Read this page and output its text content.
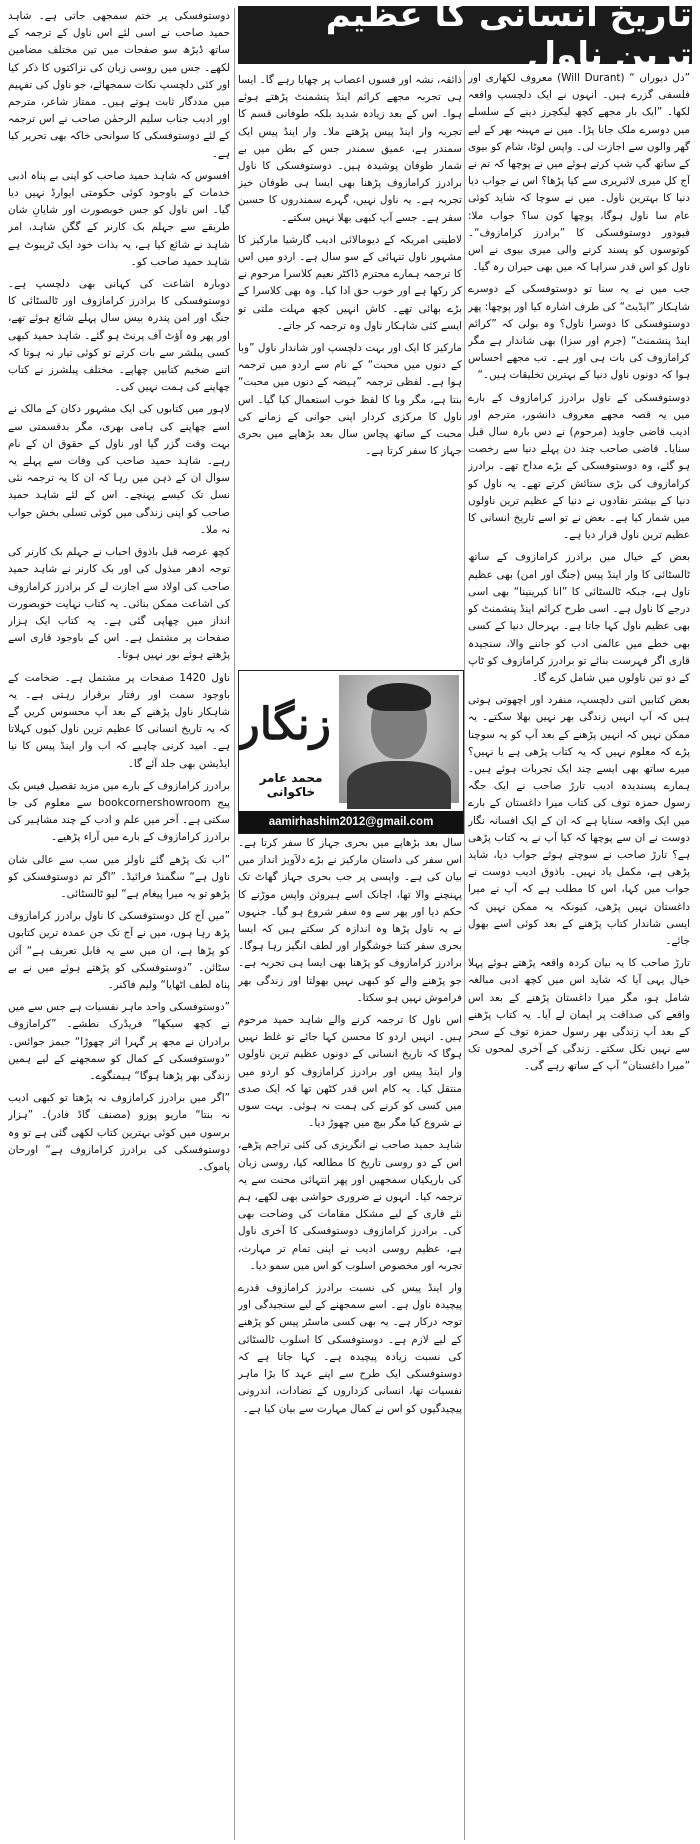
تاریخ انسانی کا عظیم ترین ناول

”دل دیوراں “ (Will Durant) معروف لکھاری اور فلسفی گزرے ہیں۔ انہوں نے ایک دلچسپ واقعہ لکھا۔ ”ایک بار مجھے کچھ لیکچرز دینے کے سلسلے میں دوسرے ملک جانا پڑا۔ میں نے مہینہ بھر کے لیے گھر والوں سے اجازت لی۔ واپس لوٹا، شام کو بیوی کے ساتھ گپ شپ کرتے ہوئے میں نے پوچھا کہ تم نے آج کل میری لائبریری سے کیا پڑھا؟ اس نے جواب دیا دنیا کا بہترین ناول۔ میں نے سوچا کہ شاید کوئی عام سا ناول ہوگا، پوچھا کون سا؟ جواب ملا: فیودور دوستوفسکی کا ”برادرز کرامازوف“۔ کوتوسوں کو پسند کرنے والی میری بیوی نے اس ناول کو اس قدر سراہا کہ میں بھی حیران رہ گیا۔

جب میں نے یہ سنا تو دوستوفسکی کے دوسرے شاہکار ”ایڈیٹ“ کی طرف اشارہ کیا اور پوچھا: پھر دوستوفسکی کا دوسرا ناول؟ وہ بولی کہ ”کرائم اینڈ پنشمنٹ“ (جرم اور سزا) بھی شاندار ہے مگر کرامازوف کی بات ہی اور ہے۔ تب مجھے احساس ہوا کہ دونوں ناول دنیا کے بہترین تخلیقات ہیں۔“

دوستوفسکی کے ناول برادرز کرامازوف کے بارے میں یہ قصہ مجھے معروف دانشور، مترجم اور ادیب قاضی جاوید (مرحوم) نے دس بارہ سال قبل سنایا۔ قاضی صاحب چند دن پہلے دنیا سے رخصت ہو گئے، وہ دوستوفسکی کے بڑے مداح تھے۔ برادرز کرامازوف کی بڑی ستائش کرتے تھے۔ یہ ناول کو دنیا کے بیشتر نقادوں نے دنیا کے عظیم ترین ناولوں میں شمار کیا ہے۔ بعض نے تو اسے تاریخ انسانی کا عظیم ترین ناول قرار دیا ہے۔

بعض کے خیال میں برادرز کرامازوف کے ساتھ ٹالسٹائی کا وار اینڈ پیس (جنگ اور امن) بھی عظیم ناول ہے، جبکہ ٹالسٹائی کا ”انا کیرینینا“ بھی اسی درجے کا ناول ہے۔ اسی طرح کرائم اینڈ پنشمنٹ کو بھی عظیم ناول کہا جاتا ہے۔ بہرحال دنیا کے کسی بھی خطے میں عالمی ادب کو جاننے والا، سنجیدہ قاری اگر فہرست بنائے تو برادرز کرامازوف کو ٹاپ کے دو تین ناولوں میں شامل کرے گا۔

بعض کتابیں اتنی دلچسپ، منفرد اور اچھوتی ہوتی ہیں کہ آپ انہیں زندگی بھر نہیں بھلا سکتے۔ یہ ممکن نہیں کہ انہیں پڑھنے کے بعد آپ کو یہ سوچنا پڑے کہ معلوم نہیں کہ یہ کتاب پڑھی ہے یا نہیں؟ میرے ساتھ بھی ایسے چند ایک تجربات ہوئے ہیں۔ ہمارے پسندیدہ ادیب تارڑ صاحب نے ایک جگہ رسول حمزہ توف کی کتاب میرا داغستان کے بارے میں ایک واقعہ سنایا ہے کہ ان کے ایک افسانہ نگار دوست نے ان سے پوچھا کہ کیا آپ نے یہ کتاب پڑھی ہے؟ تارڑ صاحب نے سوچتے ہوئے جواب دیا، شاید پڑھی ہے، مکمل یاد نہیں۔ باذوق ادیب دوست نے جواب میں کہا، اس کا مطلب ہے کہ آپ نے میرا داغستان نہیں پڑھی، کیونکہ یہ ممکن نہیں کہ ایسی شاندار کتاب پڑھنے کے بعد کوئی اسے بھول جائے۔

تارڑ صاحب کا یہ بیان کردہ واقعہ پڑھتے ہوئے پہلا خیال یہی آیا کہ شاید اس میں کچھ ادبی مبالغہ شامل ہو، مگر میرا داغستان پڑھنے کے بعد اس واقعے کی صداقت پر ایمان لے آیا۔ یہ کتاب پڑھنے کے بعد آپ زندگی بھر رسول حمزہ توف کے سحر سے نہیں نکل سکتے۔ زندگی کے آخری لمحوں تک ”میرا داغستان“ آپ کے ساتھ رہے گی۔

ذائقہ، نشہ اور فسوں اعصاب پر چھایا رہے گا۔ ایسا ہی تجربہ مجھے کرائم اینڈ پنشمنٹ پڑھتے ہوئے ہوا۔ اس کے بعد زیادہ شدید بلکہ طوفانی قسم کا تجربہ وار اینڈ پیس پڑھتے ملا۔ وار اینڈ پیس ایک سمندر ہے، عمیق سمندر جس کے بطن میں بے شمار طوفان پوشیدہ ہیں۔ دوستوفسکی کا ناول برادرز کرامازوف پڑھنا بھی ایسا ہی طوفان خیز تجربہ ہے۔ یہ ناول نہیں، گہرے سمندروں کا حسین سفر ہے۔ جسے آپ کبھی بھلا نہیں سکتے۔

لاطینی امریکہ کے دیومالائی ادیب گارشیا مارکیز کا مشہور ناول تنہائی کے سو سال ہے۔ اردو میں اس کا ترجمہ ہمارے محترم ڈاکٹر نعیم کلاسرا مرحوم نے کر رکھا ہے اور خوب حق ادا کیا۔ وہ بھی کلاسرا کے بڑے بھائی تھے۔ کاش انہیں کچھ مہلت ملتی تو ایسے کئی شاہکار ناول وہ ترجمہ کر جاتے۔

مارکیز کا ایک اور بہت دلچسپ اور شاندار ناول ”وبا کے دنوں میں محبت“ کے نام سے اردو میں ترجمہ ہوا ہے۔ لفظی ترجمہ ”ہیضہ کے دنوں میں محبت“ بنتا ہے، مگر وبا کا لفظ خوب استعمال کیا گیا۔ اس ناول کا مرکزی کردار اپنی جوانی کے زمانے کی محبت کے ساتھ پچاس سال بعد بڑھاپے میں بحری جہاز کا سفر کرتا ہے۔

زنگار
محمد عامر خاکوانی
aamirhashim2012@gmail.com

سال بعد بڑھاپے میں بحری جہاز کا سفر کرتا ہے۔ اس سفر کی داستان مارکیز نے بڑے دلآویز انداز میں بیان کی ہے۔ واپسی پر جب بحری جہاز گھاٹ تک پہنچنے والا تھا، اچانک اسے ہیروئن واپس موڑنے کا حکم دیا اور پھر سے وہ سفر شروع ہو گیا۔ جنہوں نے یہ ناول پڑھا وہ اندازہ کر سکتے ہیں کہ ایسا بحری سفر کتنا خوشگوار اور لطف انگیز رہا ہوگا۔ برادرز کرامازوف کو پڑھنا بھی ایسا ہی تجربہ ہے۔ جو پڑھنے والے کو کبھی نہیں بھولتا اور زندگی بھر فراموش نہیں ہو سکتا۔

اس ناول کا ترجمہ کرنے والے شاہد حمید مرحوم ہیں۔ انہیں اردو کا محسن کہا جائے تو غلط نہیں ہوگا کہ تاریخ انسانی کے دونوں عظیم ترین ناولوں وار اینڈ پیس اور برادرز کرامازوف کو اردو میں منتقل کیا۔ یہ کام اس قدر کٹھن تھا کہ ایک صدی میں کسی کو کرنے کی ہمت نہ ہوئی۔ بہت سوں نے شروع کیا مگر بیچ میں چھوڑ دیا۔

شاہد حمید صاحب نے انگریزی کی کئی تراجم پڑھے، اس کے دو روسی تاریخ کا مطالعہ کیا، روسی زبان کی باریکیاں سمجھیں اور پھر انتہائی محنت سے یہ ترجمہ کیا۔ انہوں نے ضروری حواشی بھی لکھے، ہم نئے قاری کے لیے مشکل مقامات کی وضاحت بھی کی۔ برادرز کرامازوف دوستوفسکی کا آخری ناول ہے، عظیم روسی ادیب نے اپنی تمام تر مہارت، تجربہ اور مخصوص اسلوب کو اس میں سمو دیا۔

وار اینڈ پیس کی نسبت برادرز کرامازوف قدرے پیچیدہ ناول ہے۔ اسے سمجھنے کے لیے سنجیدگی اور توجہ درکار ہے۔ یہ بھی کسی ماسٹر پیس کو پڑھنے کے لیے لازم ہے۔ دوستوفسکی کا اسلوب ٹالسٹائی کی نسبت زیادہ پیچیدہ ہے۔ کہا جاتا ہے کہ دوستوفسکی ایک طرح سے اپنے عہد کا بڑا ماہر نفسیات تھا، انسانی کرداروں کے تضادات، اندرونی پیچیدگیوں کو اس نے کمال مہارت سے بیان کیا ہے۔

دوستوفسکی پر ختم سمجھی جاتی ہے۔ شاہد حمید صاحب نے اسی لئے اس ناول کے ترجمہ کے ساتھ ڈیڑھ سو صفحات میں تین مختلف مضامین لکھے۔ جس میں روسی زبان کی نزاکتوں کا ذکر کیا اور کئی دلچسپ نکات سمجھائے، جو ناول کی تفہیم میں مددگار ثابت ہوتے ہیں۔ ممتاز شاعر، مترجم اور ادیب جناب سلیم الرحمٰن صاحب نے اس ترجمہ کے لئے دوستوفسکی کا سوانحی خاکہ بھی تحریر کیا ہے۔

افسوس کہ شاہد حمید صاحب کو اپنی بے پناہ ادبی خدمات کے باوجود کوئی حکومتی ایوارڈ نہیں دیا گیا۔ اس ناول کو جس خوبصورت اور شایانِ شان طریقے سے جہلم بک کارنر کے گگن شاہد، امر شاہد نے شائع کیا ہے، یہ بذات خود ایک ٹریبوٹ ہے شاہد حمید صاحب کو۔

دوبارہ اشاعت کی کہانی بھی دلچسپ ہے۔ دوستوفسکی کا برادرز کرامازوف اور ٹالسٹائی کا جنگ اور امن پندرہ بیس سال پہلے شائع ہوئے تھے، اور پھر وہ آؤٹ آف پرنٹ ہو گئے۔ شاہد حمید کبھی کسی پبلشر سے بات کرتے تو کوئی تیار نہ ہوتا کہ اتنے ضخیم کتابیں چھاپے۔ مختلف پبلشرز نے کتاب چھاپنے کی ہمت نہیں کی۔

لاہور میں کتابوں کی ایک مشہور دکان کے مالک نے اسے چھاپنے کی ہامی بھری، مگر بدقسمتی سے بہت وقت گزر گیا اور ناول کے حقوق ان کے نام رہے۔ شاہد حمید صاحب کی وفات سے پہلے یہ سوال ان کے ذہن میں رہا کہ ان کا یہ ترجمہ نئی نسل تک کیسے پہنچے۔ اس کے لئے شاہد حمید صاحب کو اپنی زندگی میں کوئی تسلی بخش جواب نہ ملا۔

کچھ عرصہ قبل باذوق احباب نے جہلم بک کارنر کی توجہ ادھر مبذول کی اور بک کارنر نے شاہد حمید صاحب کی اولاد سے اجازت لے کر برادرز کرامازوف کی اشاعت ممکن بنائی۔ یہ کتاب نہایت خوبصورت انداز میں چھاپی گئی ہے۔ یہ کتاب ایک ہزار صفحات پر مشتمل ہے۔ اس کے باوجود قاری اسے پڑھتے ہوئے بور نہیں ہوتا۔

ناول 1420 صفحات پر مشتمل ہے۔ ضخامت کے باوجود سمت اور رفتار برقرار رہتی ہے۔ یہ شاہکار ناول پڑھنے کے بعد آپ محسوس کریں گے کہ یہ تاریخ انسانی کا عظیم ترین ناول کیوں کہلاتا ہے۔ امید کرنی چاہیے کہ اب وار اینڈ پیس کا نیا ایڈیشن بھی جلد آئے گا۔

برادرز کرامازوف کے بارے میں مزید تفصیل فیس بک پیج bookcornershowroom سے معلوم کی جا سکتی ہے۔ آخر میں علم و ادب کے چند مشاہیر کی برادرز کرامازوف کے بارے میں آراء پڑھیے۔

”اب تک پڑھے گئے ناولز میں سب سے عالی شان ناول ہے“ سگمنڈ فرائیڈ۔ ”اگر تم دوستوفسکی کو پڑھو تو یہ میرا پیغام ہے“ لیو ٹالسٹائی۔

”میں آج کل دوستوفسکی کا ناول برادرز کرامازوف پڑھ رہا ہوں، میں نے آج تک جن عمدہ ترین کتابوں کو پڑھا ہے، ان میں سے یہ قابل تعریف ہے“ آئن سٹائن۔ ”دوستوفسکی کو پڑھتے ہوئے میں نے بے پناہ لطف اٹھایا“ ولیم فاکنر۔

”دوستوفسکی واحد ماہر نفسیات ہے جس سے میں نے کچھ سیکھا“ فریڈرک نطشے۔ ”کرامازوف برادران نے مجھ پر گہرا اثر چھوڑا“ جیمز جوائس۔ ”دوستوفسکی کے کمال کو سمجھنے کے لیے ہمیں زندگی بھر پڑھنا ہوگا“ ہیمنگوے۔

”اگر میں برادرز کرامازوف نہ پڑھتا تو کبھی ادیب نہ بنتا“ ماریو پوزو (مصنف گاڈ فادر)۔ ”ہزار برسوں میں کوئی بہترین کتاب لکھی گئی ہے تو وہ دوستوفسکی کی برادرز کرامازوف ہے“ اورحان پاموک۔
